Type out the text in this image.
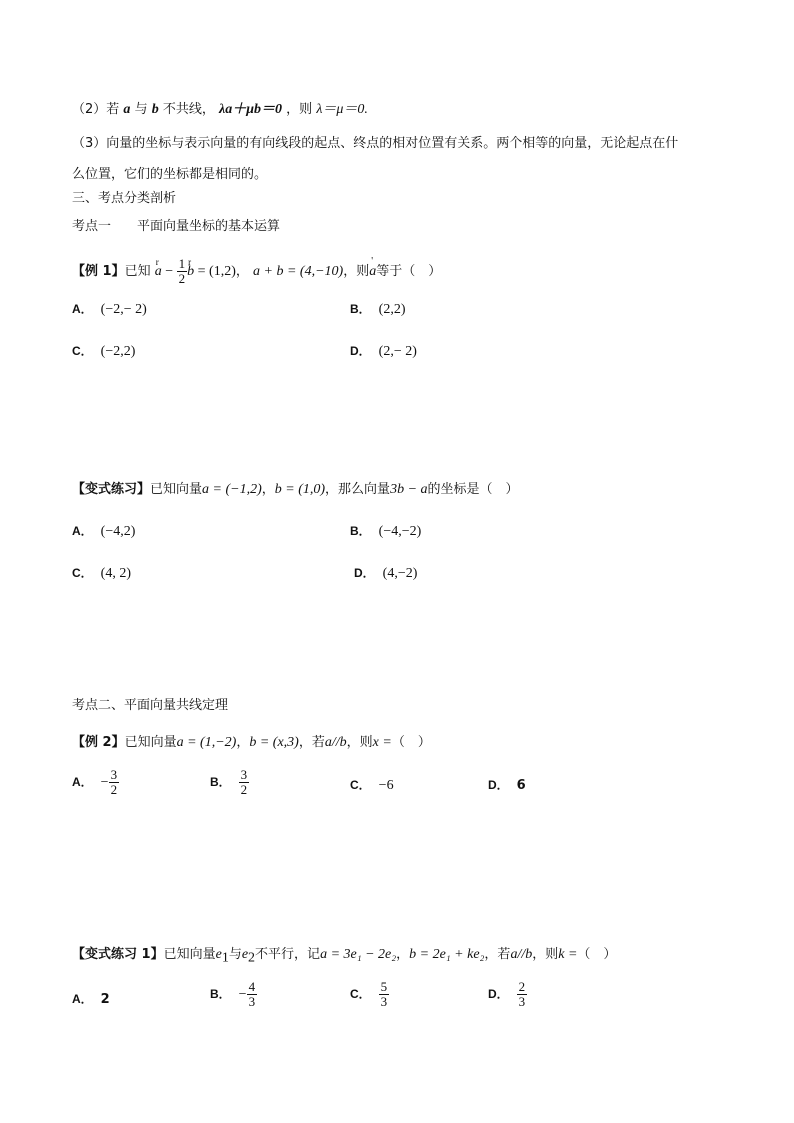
（2）若 a 与 b 不共线， λa＋μb＝0 ，则 λ＝μ＝0.
（3）向量的坐标与表示向量的有向线段的起点、终点的相对位置有关系。两个相等的向量，无论起点在什
么位置，它们的坐标都是相同的。
三、考点分类剖析
考点一　　平面向量坐标的基本运算
【例 1】已知 r $a - \frac{1}{2}$ r b = (1,2)， a + b = (4,−10)，则' a等于（　）
A． (−2,− 2)	B． (2,2)
C． (−2,2)	D． (2,− 2)
【变式练习】已知向量a = (−1,2)，b = (1,0)，那么向量3b − a的坐标是（　）
A． (−4,2)	B． (−4,−2)
C． (4, 2)	D． (4,−2)
考点二、平面向量共线定理
【例 2】已知向量a = (1,−2)，b = (x,3)，若a//b，则x =（　）
A． − $\frac{3}{2}$	B． $\frac{3}{2}$	C． −6	D． 6
【变式练习 1】已知向量$e_1$与$e_2$不平行，记a = 3e₁ − 2e₂，b = 2e₁ + ke₂，若a//b，则k =（　）
A． 2	B． − $\frac{4}{3}$	C． $\frac{5}{3}$	D． $\frac{2}{3}$
